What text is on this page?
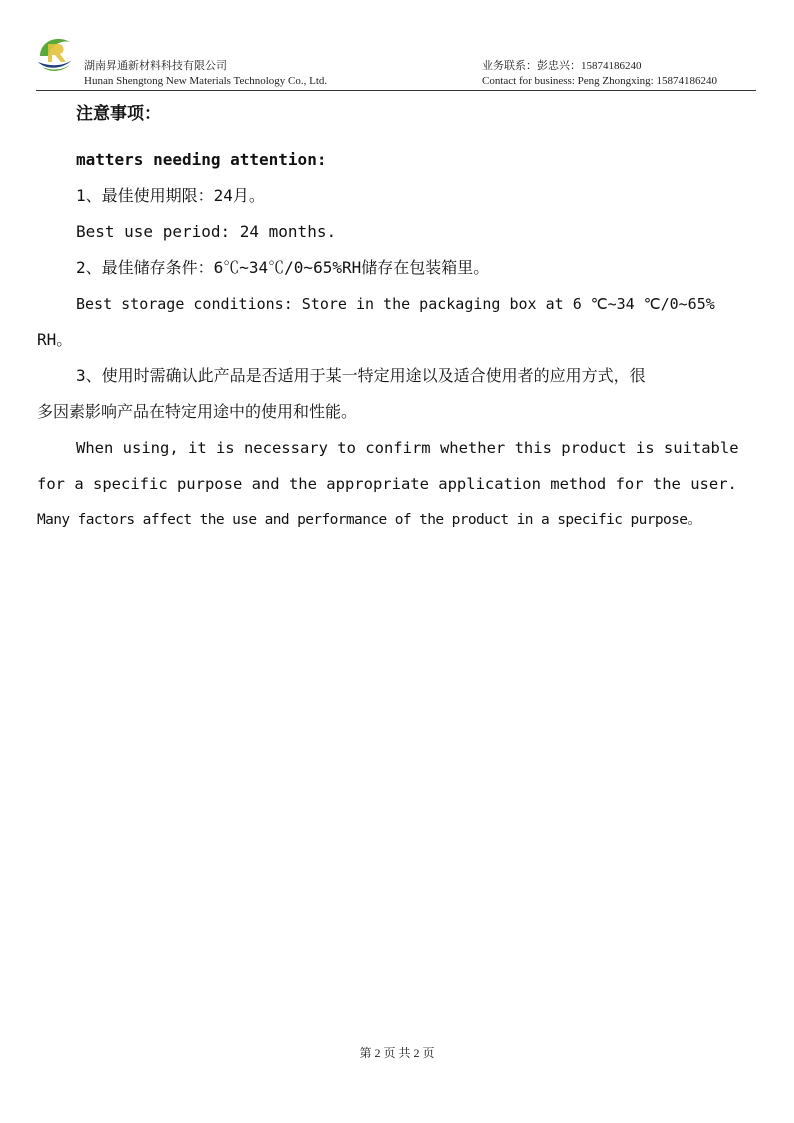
湖南昇通新材料科技有限公司
Hunan Shengtong New Materials Technology Co., Ltd.
业务联系：彭忠兴：15874186240
Contact for business: Peng Zhongxing: 15874186240
注意事项：
matters needing attention:
1、最佳使用期限：24月。
Best use period: 24 months.
2、最佳储存条件：6℃~34℃/0~65%RH储存在包装箱里。
Best storage conditions: Store in the packaging box at 6 ℃~34 ℃/0~65%
RH。
3、使用时需确认此产品是否适用于某一特定用途以及适合使用者的应用方式，很
多因素影响产品在特定用途中的使用和性能。
When using, it is necessary to confirm whether this product is suitable
for a specific purpose and the appropriate application method for the user.
Many factors affect the use and performance of the product in a specific purpose。
第 2 页 共 2 页
